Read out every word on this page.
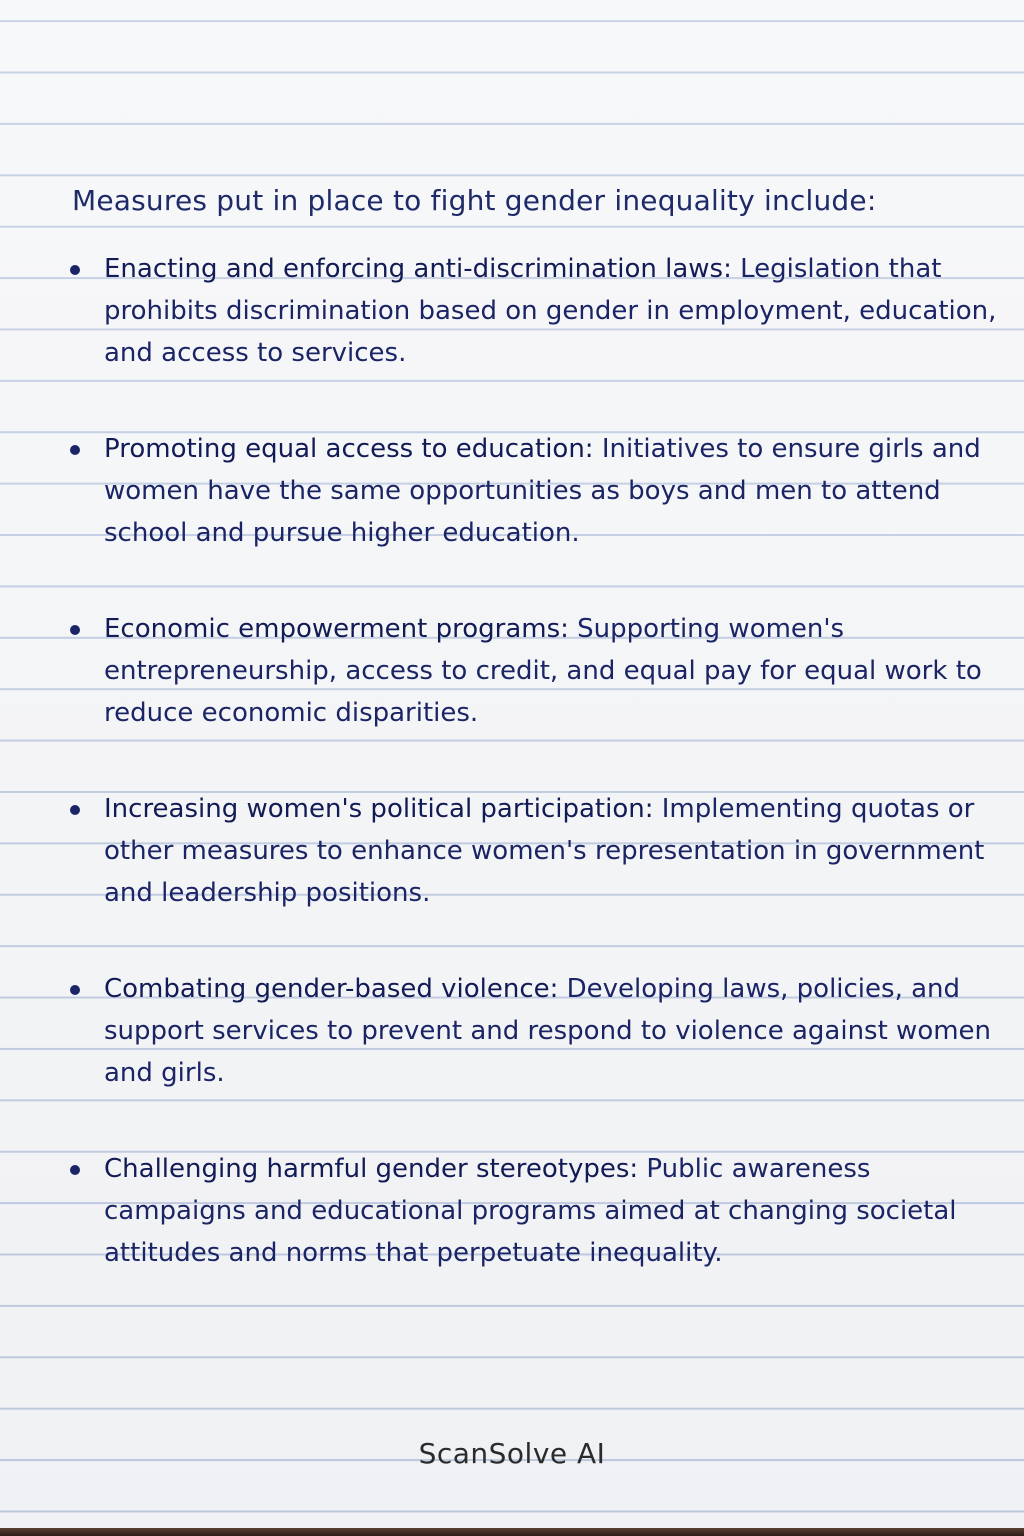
Measures put in place to fight gender inequality include:
Enacting and enforcing anti-discrimination laws: Legislation that prohibits discrimination based on gender in employment, education, and access to services.
Promoting equal access to education: Initiatives to ensure girls and women have the same opportunities as boys and men to attend school and pursue higher education.
Economic empowerment programs: Supporting women's entrepreneurship, access to credit, and equal pay for equal work to reduce economic disparities.
Increasing women's political participation: Implementing quotas or other measures to enhance women's representation in government and leadership positions.
Combating gender-based violence: Developing laws, policies, and support services to prevent and respond to violence against women and girls.
Challenging harmful gender stereotypes: Public awareness campaigns and educational programs aimed at changing societal attitudes and norms that perpetuate inequality.
ScanSolve AI
